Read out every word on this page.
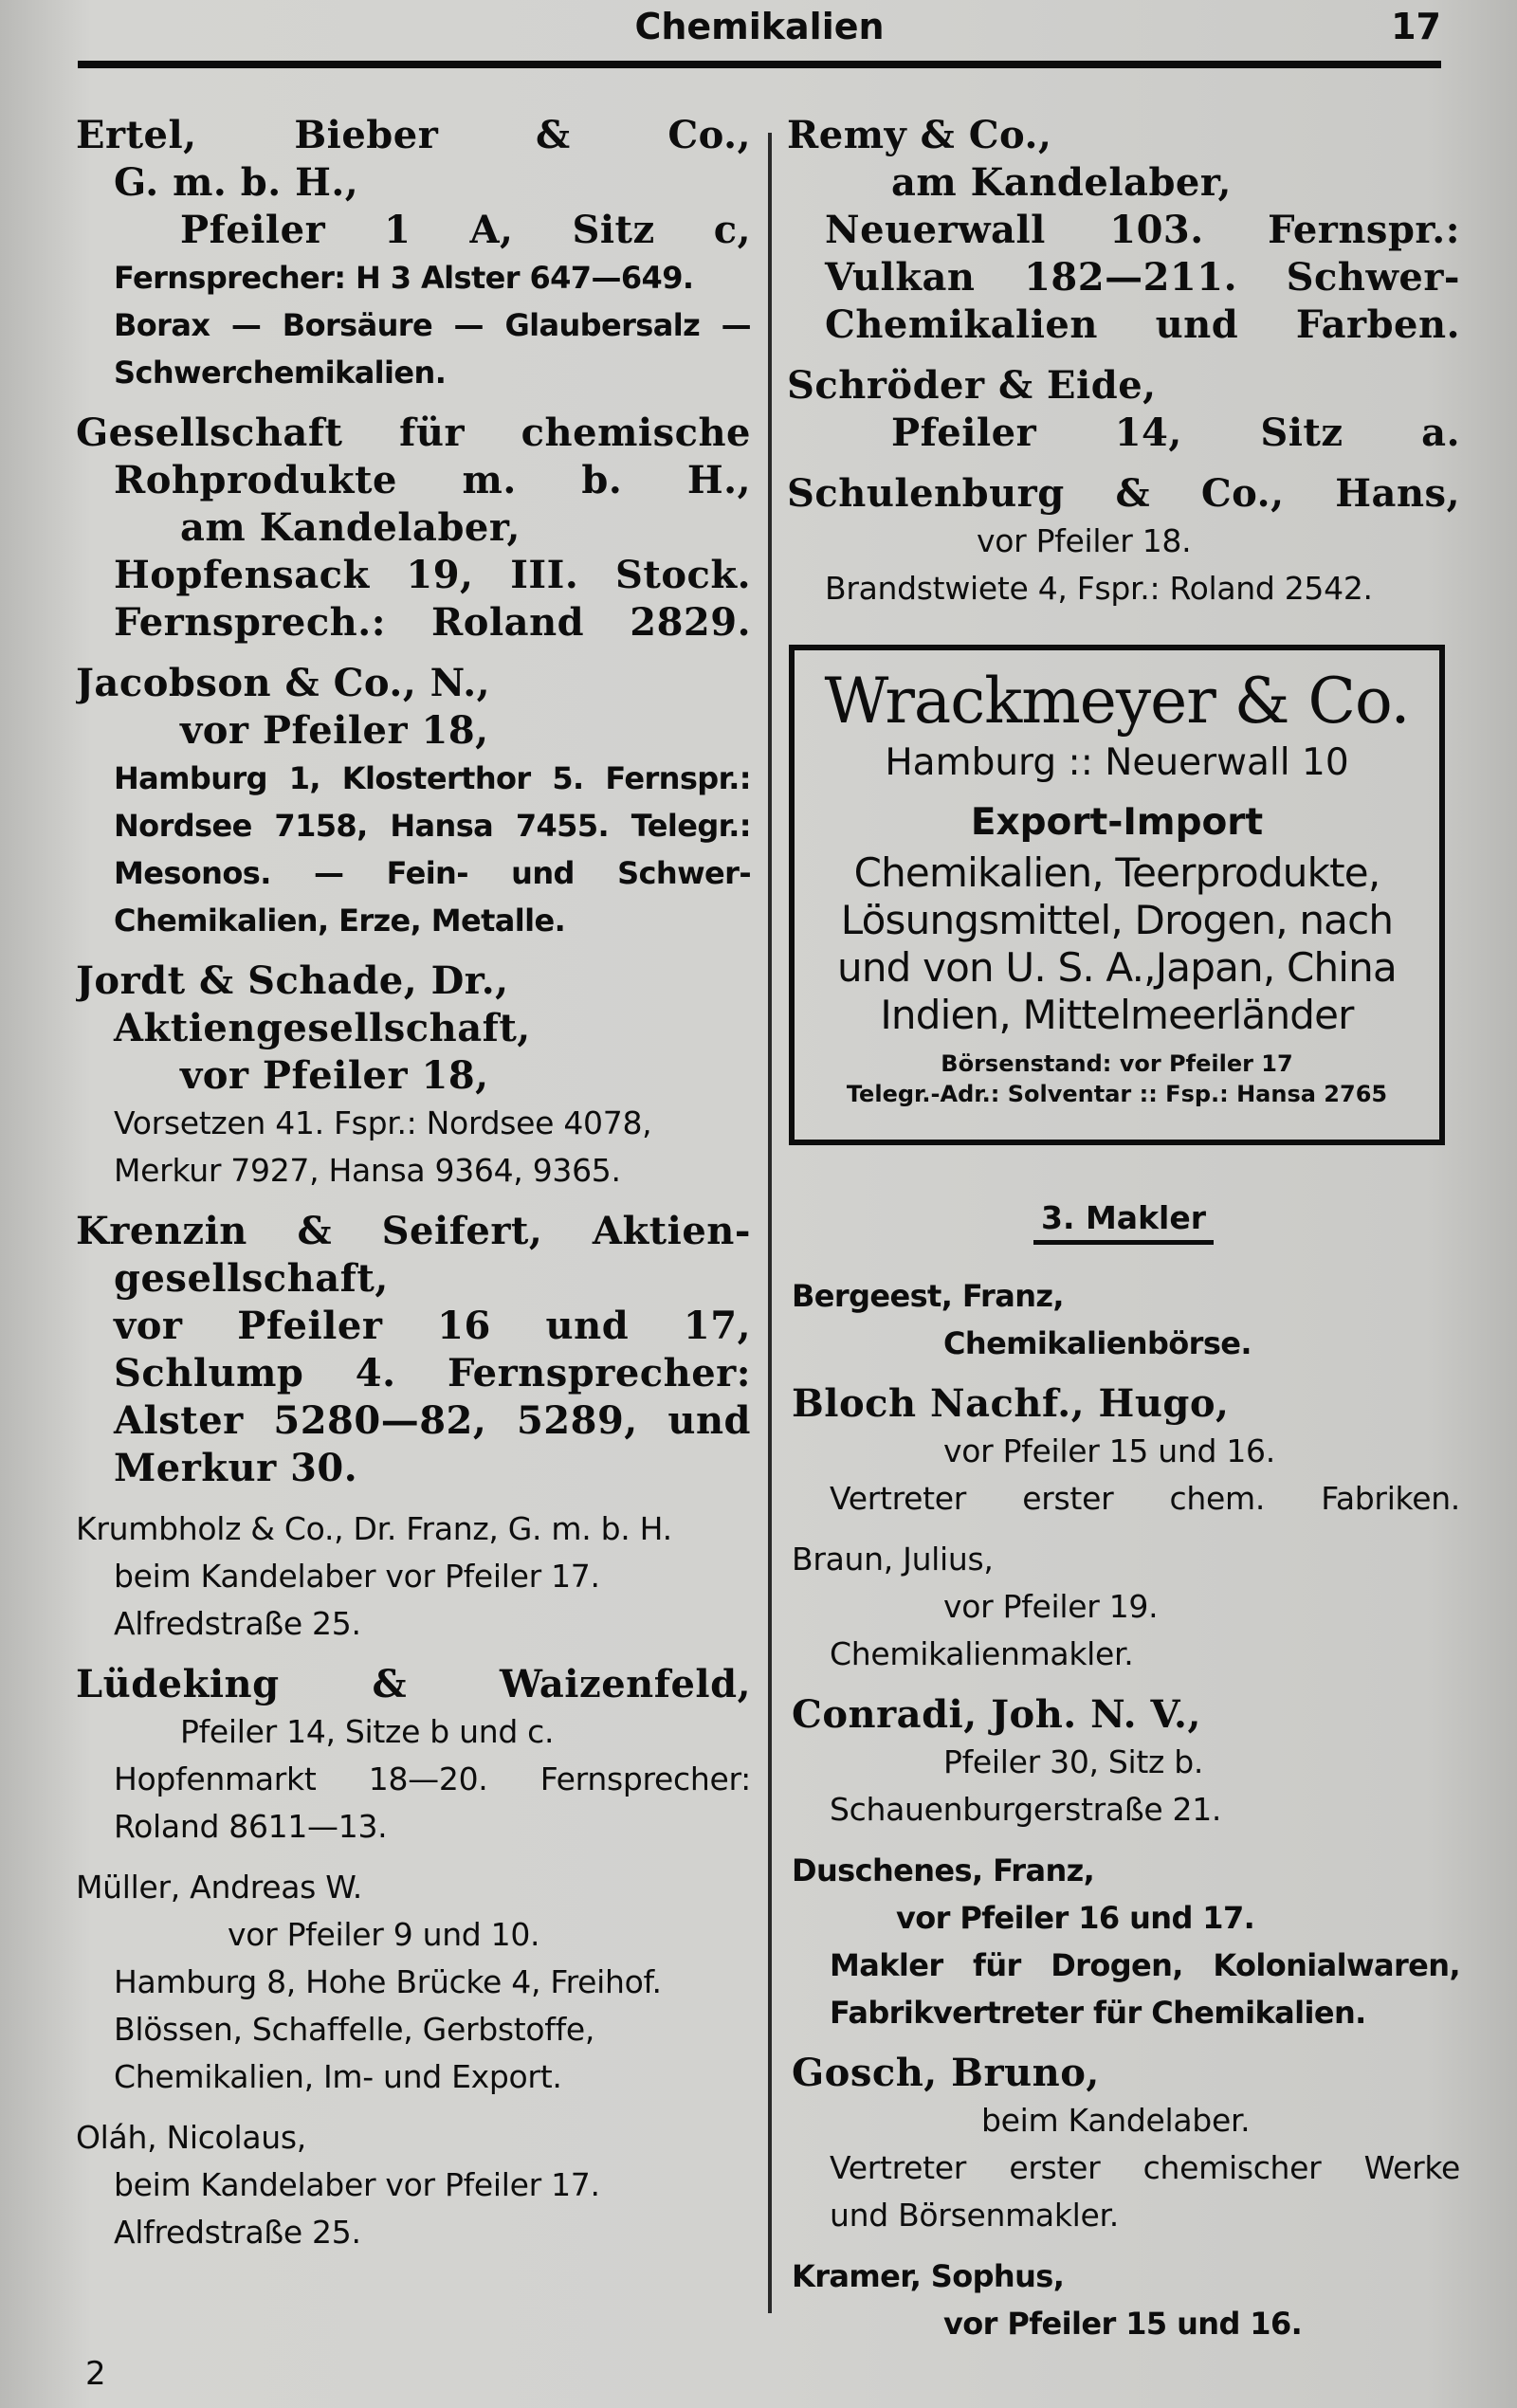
Chemikalien	17
Ertel, Bieber & Co.,
G. m. b. H.,
Pfeiler 1 A, Sitz c,
Fernsprecher: H 3 Alster 647—649.
Borax — Borsäure — Glaubersalz —
Schwerchemikalien.
Gesellschaft für chemische
Rohprodukte m. b. H.,
am Kandelaber,
Hopfensack 19, III. Stock.
Fernsprech.: Roland 2829.
Jacobson & Co., N.,
vor Pfeiler 18,
Hamburg 1, Klosterthor 5. Fernspr.:
Nordsee 7158, Hansa 7455. Telegr.:
Mesonos. — Fein- und Schwer-
Chemikalien, Erze, Metalle.
Jordt & Schade, Dr.,
Aktiengesellschaft,
vor Pfeiler 18,
Vorsetzen 41. Fspr.: Nordsee 4078,
Merkur 7927, Hansa 9364, 9365.
Krenzin & Seifert, Aktien-
gesellschaft,
vor Pfeiler 16 und 17,
Schlump 4. Fernsprecher:
Alster 5280—82, 5289, und
Merkur 30.
Krumbholz & Co., Dr. Franz, G. m. b. H.
beim Kandelaber vor Pfeiler 17.
Alfredstraße 25.
Lüdeking & Waizenfeld,
Pfeiler 14, Sitze b und c.
Hopfenmarkt 18—20. Fernsprecher:
Roland 8611—13.
Müller, Andreas W.
vor Pfeiler 9 und 10.
Hamburg 8, Hohe Brücke 4, Freihof.
Blössen, Schaffelle, Gerbstoffe,
Chemikalien, Im- und Export.
Oláh, Nicolaus,
beim Kandelaber vor Pfeiler 17.
Alfredstraße 25.
Remy & Co.,
am Kandelaber,
Neuerwall 103. Fernspr.:
Vulkan 182—211. Schwer-
Chemikalien und Farben.
Schröder & Eide,
Pfeiler 14, Sitz a.
Schulenburg & Co., Hans,
vor Pfeiler 18.
Brandstwiete 4, Fspr.: Roland 2542.
Wrackmeyer & Co.
Hamburg :: Neuerwall 10
Export-Import
Chemikalien, Teerprodukte,
Lösungsmittel, Drogen, nach
und von U. S. A.,Japan, China
Indien, Mittelmeerländer
Börsenstand: vor Pfeiler 17
Telegr.-Adr.: Solventar :: Fsp.: Hansa 2765
3. Makler
Bergeest, Franz,
Chemikalienbörse.
Bloch Nachf., Hugo,
vor Pfeiler 15 und 16.
Vertreter erster chem. Fabriken.
Braun, Julius,
vor Pfeiler 19.
Chemikalienmakler.
Conradi, Joh. N. V.,
Pfeiler 30, Sitz b.
Schauenburgerstraße 21.
Duschenes, Franz,
vor Pfeiler 16 und 17.
Makler für Drogen, Kolonialwaren,
Fabrikvertreter für Chemikalien.
Gosch, Bruno,
beim Kandelaber.
Vertreter erster chemischer Werke
und Börsenmakler.
Kramer, Sophus,
vor Pfeiler 15 und 16.
2
